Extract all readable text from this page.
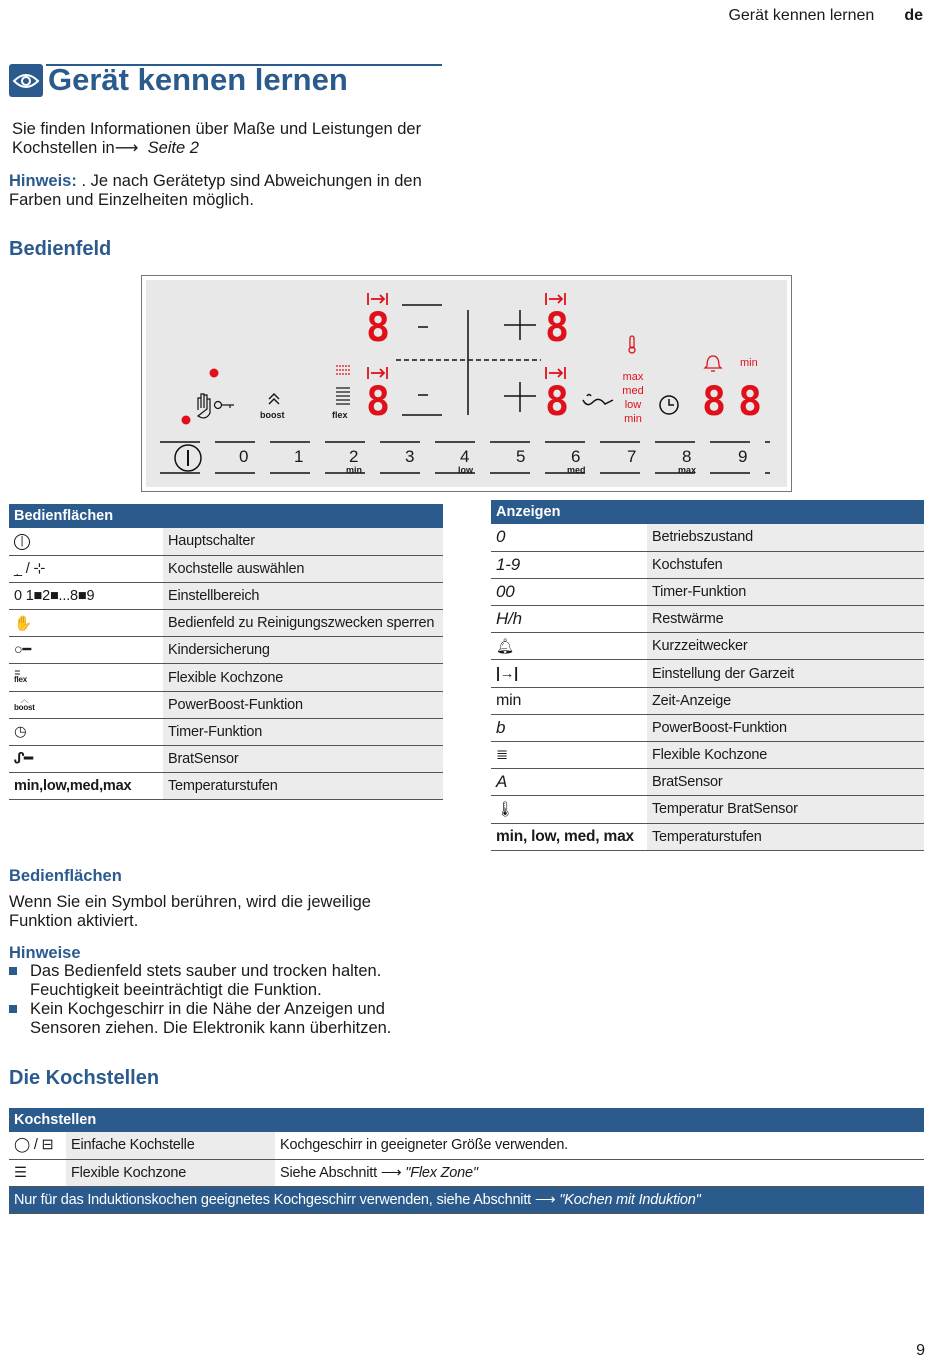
Gerät kennen lernen de
Gerät kennen lernen
Sie finden Informationen über Maße und Leistungen der Kochstellen in⟶ Seite 2
Hinweis: . Je nach Gerätetyp sind Abweichungen in den Farben und Einzelheiten möglich.
Bedienfeld
8
8
8
8	8 8
boost	flex
max
med
low
min
min
0	1	2	3	4	5	6	7	8	9
min	low	med	max
Bedienflächen	
|	Hauptschalter
_̣ / ⊹	Kochstelle auswählen
0 1■2■...8■9	Einstellbereich
✋	Bedienfeld zu Reinigungszwecken sperren
○━	Kindersicherung
≣
flex	Flexible Kochzone
︿
boost	PowerBoost-Funktion
◷	Timer-Funktion
ᔑ━	BratSensor
min,low,med,max	Temperaturstufen
Anzeigen	
0	Betriebszustand
1-9	Kochstufen
00	Timer-Funktion
H/h	Restwärme
🔔︎	Kurzzeitwecker
|→|	Einstellung der Garzeit
min	Zeit-Anzeige
b	PowerBoost-Funktion
≣	Flexible Kochzone
A	BratSensor
🌡︎	Temperatur BratSensor
min, low, med, max	Temperaturstufen
Bedienflächen
Wenn Sie ein Symbol berühren, wird die jeweilige Funktion aktiviert.
Hinweise
Das Bedienfeld stets sauber und trocken halten. Feuchtigkeit beeinträchtigt die Funktion.
Kein Kochgeschirr in die Nähe der Anzeigen und Sensoren ziehen. Die Elektronik kann überhitzen.
Die Kochstellen
Kochstellen		
◯ / ⊟	Einfache Kochstelle	Kochgeschirr in geeigneter Größe verwenden.
☰	Flexible Kochzone	Siehe Abschnitt ⟶ "Flex Zone"
Nur für das Induktionskochen geeignetes Kochgeschirr verwenden, siehe Abschnitt ⟶ "Kochen mit Induktion"		
9
